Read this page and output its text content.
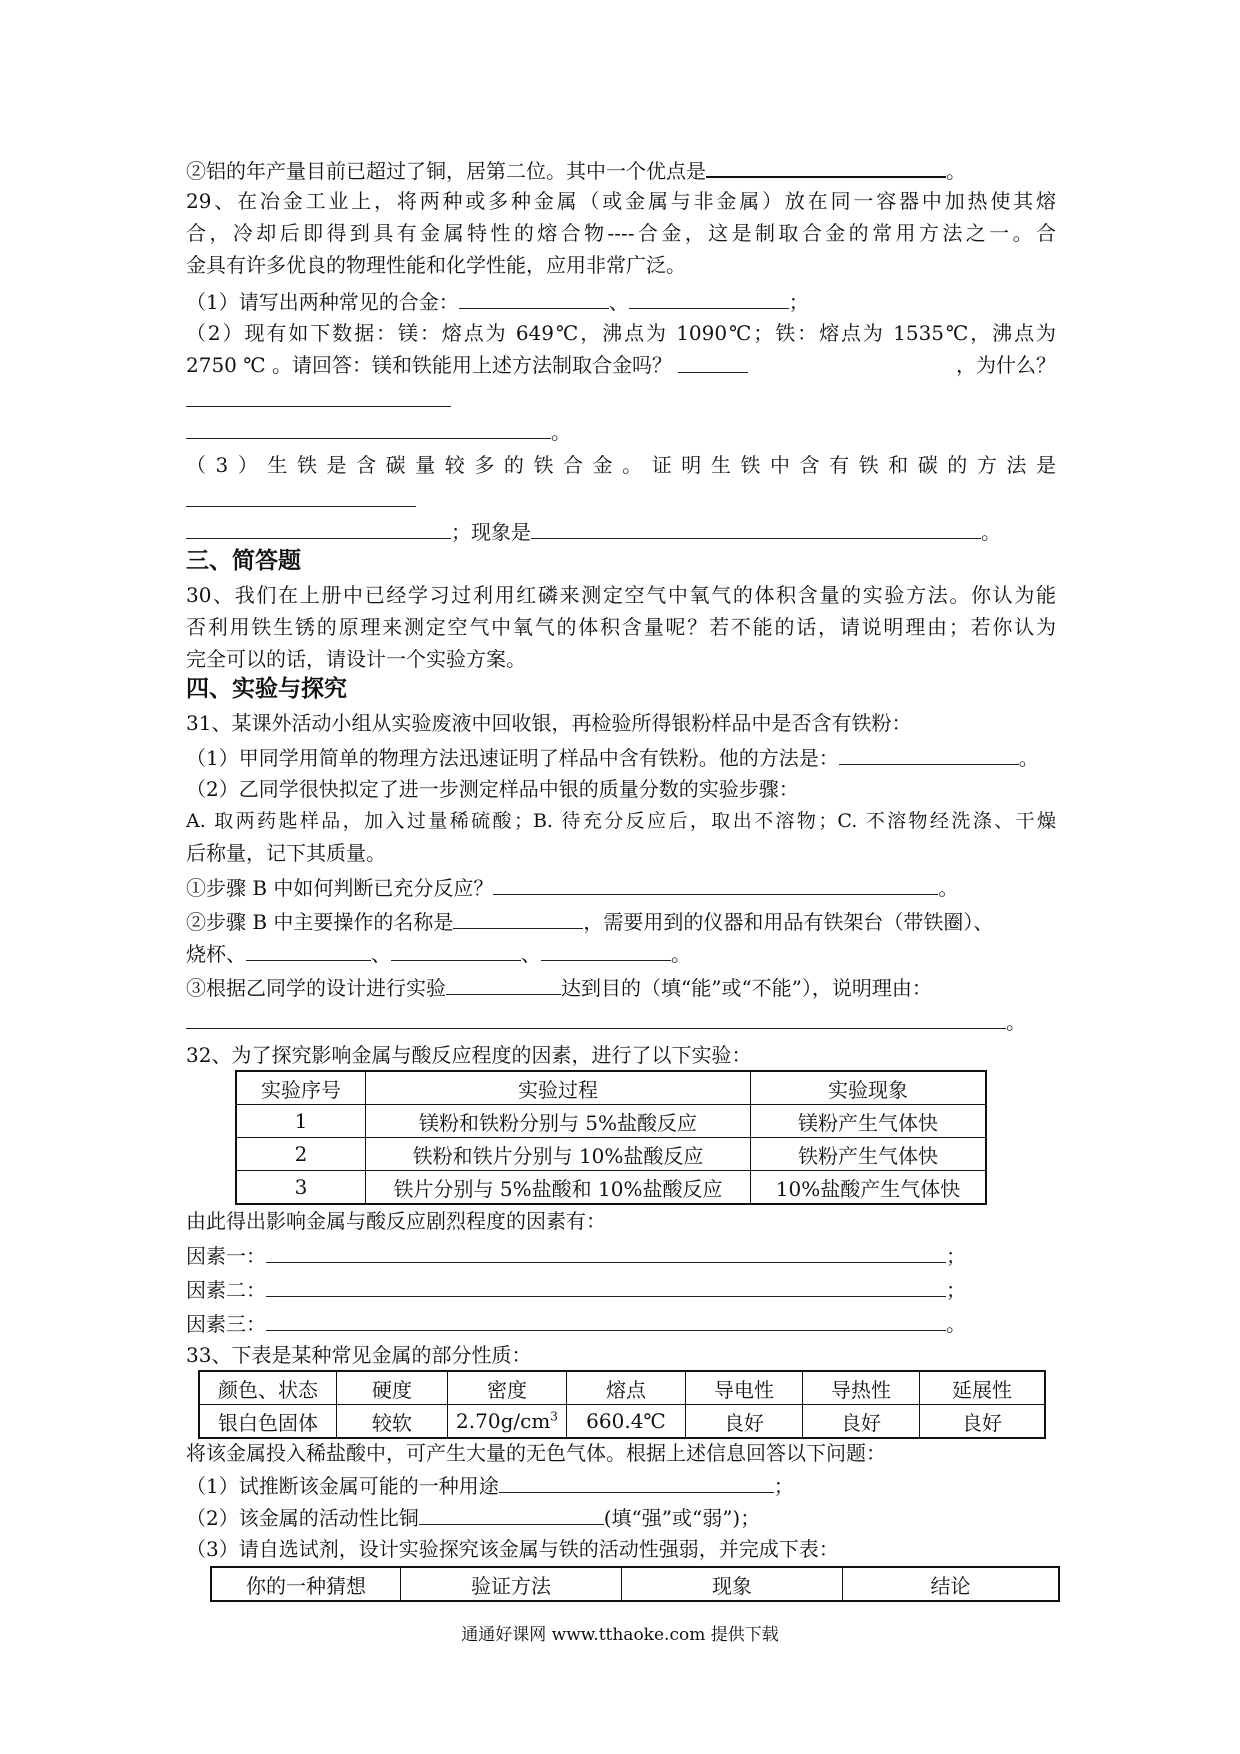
②铝的年产量目前已超过了铜，居第二位。其中一个优点是	。
29、在冶金工业上，将两种或多种金属（或金属与非金属）放在同一容器中加热使其熔
合，冷却后即得到具有金属特性的熔合物----合金，这是制取合金的常用方法之一。合
金具有许多优良的物理性能和化学性能，应用非常广泛。
（1）请写出两种常见的合金：	、	；
（2）现有如下数据：镁：熔点为 649℃，沸点为 1090℃；铁：熔点为 1535℃，沸点为
2750 ℃ 。请回答：镁和铁能用上述方法制取合金吗？	，为什么？
。
（3）生铁是含碳量较多的铁合金。证明生铁中含有铁和碳的方法是
；现象是	。
三、简答题
30、我们在上册中已经学习过利用红磷来测定空气中氧气的体积含量的实验方法。你认为能
否利用铁生锈的原理来测定空气中氧气的体积含量呢？若不能的话，请说明理由；若你认为
完全可以的话，请设计一个实验方案。
四、实验与探究
31、某课外活动小组从实验废液中回收银，再检验所得银粉样品中是否含有铁粉：
（1）甲同学用简单的物理方法迅速证明了样品中含有铁粉。他的方法是：	。
（2）乙同学很快拟定了进一步测定样品中银的质量分数的实验步骤：
A. 取两药匙样品，加入过量稀硫酸；B. 待充分反应后，取出不溶物；C. 不溶物经洗涤、干燥
后称量，记下其质量。
①步骤 B 中如何判断已充分反应？	。
②步骤 B 中主要操作的名称是	，需要用到的仪器和用品有铁架台（带铁圈）、
烧杯、	、	、	。
③根据乙同学的设计进行实验	达到目的（填“能”或“不能”），说明理由：
。
32、为了探究影响金属与酸反应程度的因素，进行了以下实验：
实验序号	实验过程	实验现象
1	镁粉和铁粉分别与 5%盐酸反应	镁粉产生气体快
2	铁粉和铁片分别与 10%盐酸反应	铁粉产生气体快
3	铁片分别与 5%盐酸和 10%盐酸反应	10%盐酸产生气体快
由此得出影响金属与酸反应剧烈程度的因素有：
因素一：	；
因素二：	；
因素三：	。
33、下表是某种常见金属的部分性质：
颜色、状态	硬度	密度	熔点	导电性	导热性	延展性
银白色固体	较软	$2.70g/cm^3$	660.4℃	良好	良好	良好
将该金属投入稀盐酸中，可产生大量的无色气体。根据上述信息回答以下问题：
（1）试推断该金属可能的一种用途	；
（2）该金属的活动性比铜	(填“强”或“弱”)；
（3）请自选试剂，设计实验探究该金属与铁的活动性强弱，并完成下表：
你的一种猜想	验证方法	现象	结论
通通好课网 www.tthaoke.com 提供下载
